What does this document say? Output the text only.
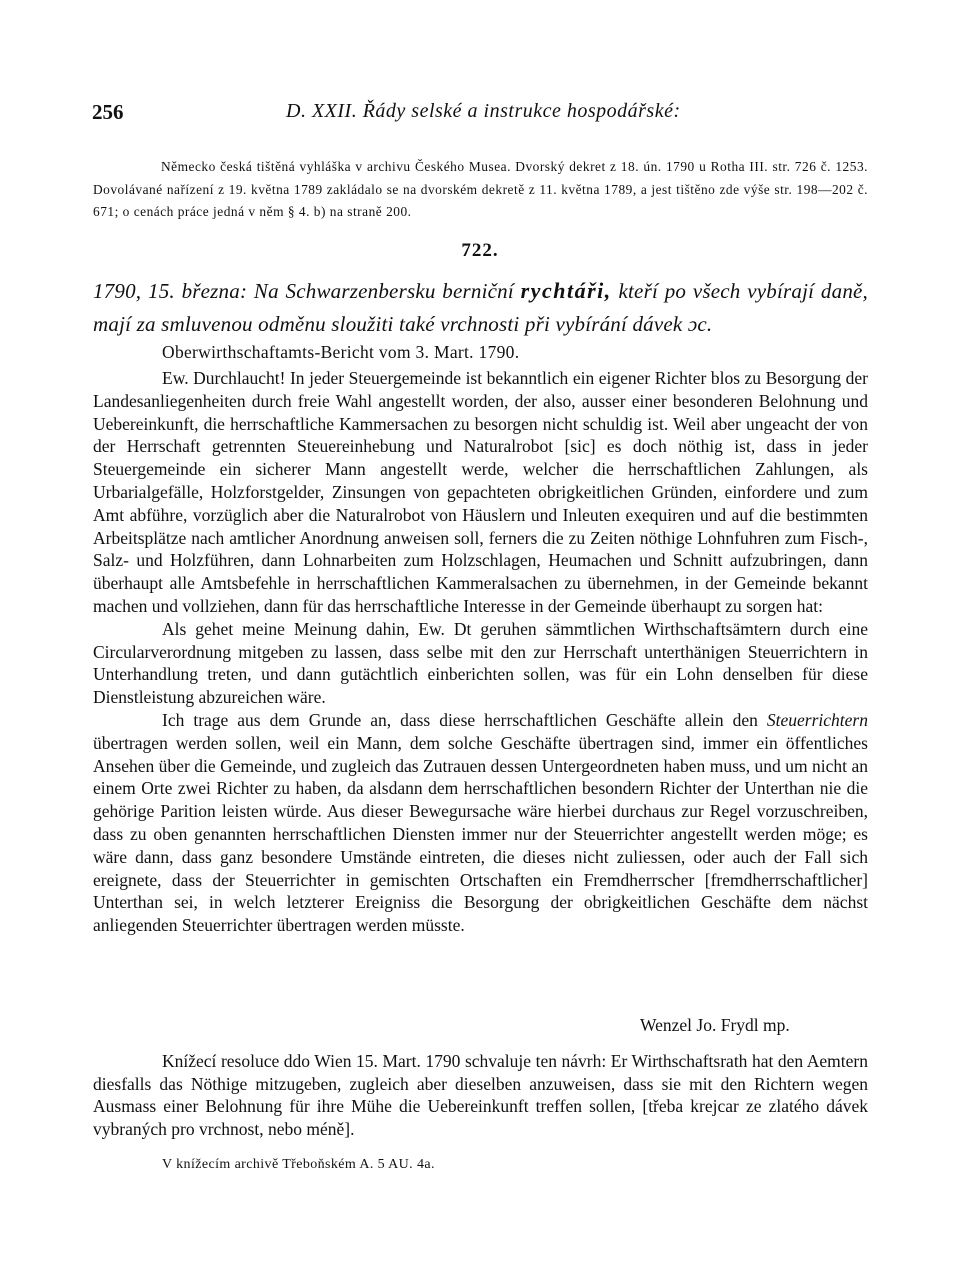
256	D. XXII. Řády selské a instrukce hospodářské:

Německo česká tištěná vyhláška v archivu Českého Musea. Dvorský dekret z 18. ún. 1790 u Rotha III. str. 726 č. 1253. Dovolávané nařízení z 19. května 1789 zakládalo se na dvorském dekretě z 11. května 1789, a jest tištěno zde výše str. 198—202 č. 671; o cenách práce jedná v něm § 4. b) na straně 200.

722.

1790, 15. března: Na Schwarzenbersku berniční rychtáři, kteří po všech vybírají daně, mají za smluvenou odměnu sloužiti také vrchnosti při vybírání dávek ɔc.

Oberwirthschaftamts-Bericht vom 3. Mart. 1790.

Ew. Durchlaucht! In jeder Steuergemeinde ist bekanntlich ein eigener Richter blos zu Besorgung der Landesanliegenheiten durch freie Wahl angestellt worden, der also, ausser einer besonderen Belohnung und Uebereinkunft, die herrschaftliche Kammersachen zu besorgen nicht schuldig ist. Weil aber ungeacht der von der Herrschaft getrennten Steuereinhebung und Naturalrobot [sic] es doch nöthig ist, dass in jeder Steuergemeinde ein sicherer Mann angestellt werde, welcher die herrschaftlichen Zahlungen, als Urbarialgefälle, Holzforstgelder, Zinsungen von gepachteten obrigkeitlichen Gründen, einfordere und zum Amt abführe, vorzüglich aber die Naturalrobot von Häuslern und Inleuten exequiren und auf die bestimmten Arbeitsplätze nach amtlicher Anordnung anweisen soll, ferners die zu Zeiten nöthige Lohnfuhren zum Fisch-, Salz- und Holzführen, dann Lohnarbeiten zum Holzschlagen, Heumachen und Schnitt aufzubringen, dann überhaupt alle Amtsbefehle in herrschaftlichen Kammeralsachen zu übernehmen, in der Gemeinde bekannt machen und vollziehen, dann für das herrschaftliche Interesse in der Gemeinde überhaupt zu sorgen hat:

Als gehet meine Meinung dahin, Ew. Dt geruhen sämmtlichen Wirthschaftsämtern durch eine Circularverordnung mitgeben zu lassen, dass selbe mit den zur Herrschaft unterthänigen Steuerrichtern in Unterhandlung treten, und dann gutächtlich einberichten sollen, was für ein Lohn denselben für diese Dienstleistung abzureichen wäre.

Ich trage aus dem Grunde an, dass diese herrschaftlichen Geschäfte allein den Steuerrichtern übertragen werden sollen, weil ein Mann, dem solche Geschäfte übertragen sind, immer ein öffentliches Ansehen über die Gemeinde, und zugleich das Zutrauen dessen Untergeordneten haben muss, und um nicht an einem Orte zwei Richter zu haben, da alsdann dem herrschaftlichen besondern Richter der Unterthan nie die gehörige Parition leisten würde. Aus dieser Bewegursache wäre hierbei durchaus zur Regel vorzuschreiben, dass zu oben genannten herrschaftlichen Diensten immer nur der Steuerrichter angestellt werden möge; es wäre dann, dass ganz besondere Umstände eintreten, die dieses nicht zuliessen, oder auch der Fall sich ereignete, dass der Steuerrichter in gemischten Ortschaften ein Fremdherrscher [fremdherrschaftlicher] Unterthan sei, in welch letzterer Ereigniss die Besorgung der obrigkeitlichen Geschäfte dem nächst anliegenden Steuerrichter übertragen werden müsste.

Wenzel Jo. Frydl mp.

Knížecí resoluce ddo Wien 15. Mart. 1790 schvaluje ten návrh: Er Wirthschaftsrath hat den Aemtern diesfalls das Nöthige mitzugeben, zugleich aber dieselben anzuweisen, dass sie mit den Richtern wegen Ausmass einer Belohnung für ihre Mühe die Uebereinkunft treffen sollen, [třeba krejcar ze zlatého dávek vybraných pro vrchnost, nebo méně].

V knížecím archivě Třeboňském A. 5 AU. 4a.
